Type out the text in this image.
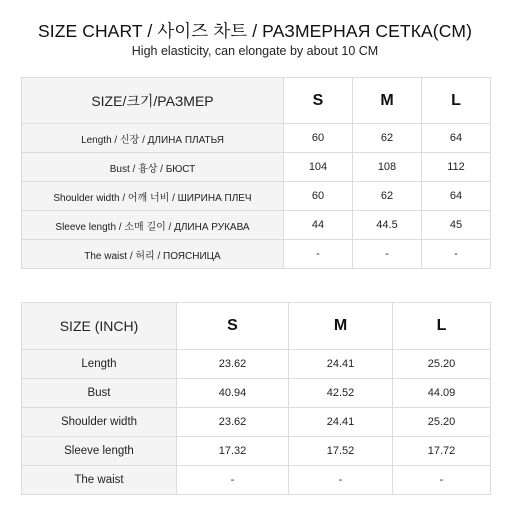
SIZE CHART / 사이즈 차트 / РАЗМЕРНАЯ СЕТКА(CM)
High elasticity, can elongate by about 10 CM
SIZE/크기/РАЗМЕР	S	M	L
Length / 신장 / ДЛИНА ПЛАТЬЯ	60	62	64
Bust / 흉상 / БЮСТ	104	108	112
Shoulder width / 어깨 너비 / ШИРИНА ПЛЕЧ	60	62	64
Sleeve length / 소매 길이 / ДЛИНА РУКАВА	44	44.5	45
The waist / 허리 / ПОЯСНИЦА	-	-	-
SIZE (INCH)	S	M	L
Length	23.62	24.41	25.20
Bust	40.94	42.52	44.09
Shoulder width	23.62	24.41	25.20
Sleeve length	17.32	17.52	17.72
The waist	-	-	-
